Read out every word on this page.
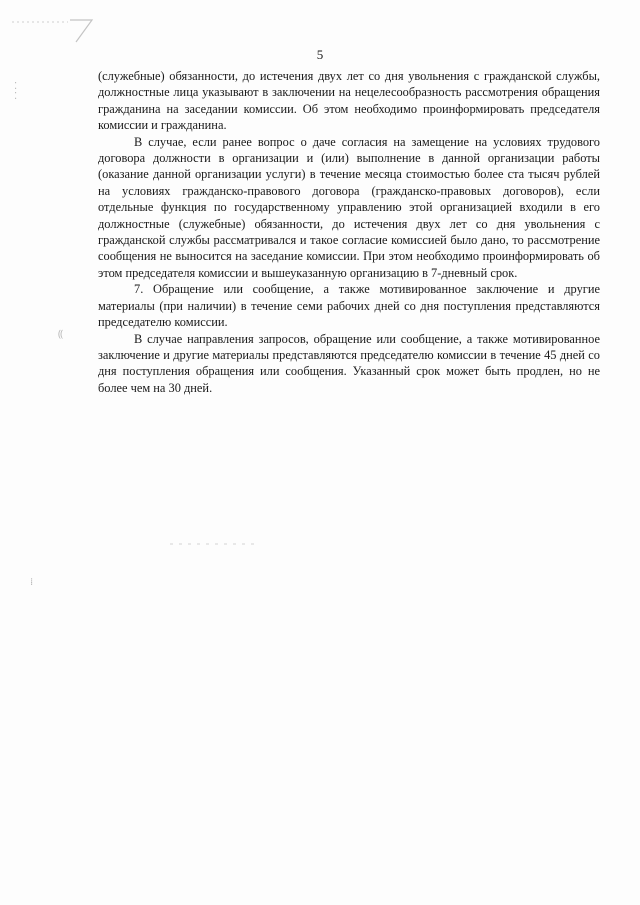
⁚
⁚
⸨
⁞
5

(служебные) обязанности, до истечения двух лет со дня увольнения с гражданской службы, должностные лица указывают в заключении на нецелесообразность рассмотрения обращения гражданина на заседании комиссии. Об этом необходимо проинформировать председателя комиссии и гражданина.

В случае, если ранее вопрос о даче согласия на замещение на условиях трудового договора должности в организации и (или) выполнение в данной организации работы (оказание данной организации услуги) в течение месяца стоимостью более ста тысяч рублей на условиях гражданско-правового договора (гражданско-правовых договоров), если отдельные функция по государственному управлению этой организацией входили в его должностные (служебные) обязанности, до истечения двух лет со дня увольнения с гражданской службы рассматривался и такое согласие комиссией было дано, то рассмотрение сообщения не выносится на заседание комиссии. При этом необходимо проинформировать об этом председателя комиссии и вышеуказанную организацию в 7-дневный срок.

7. Обращение или сообщение, а также мотивированное заключение и другие материалы (при наличии) в течение семи рабочих дней со дня поступления представляются председателю комиссии.

В случае направления запросов, обращение или сообщение, а также мотивированное заключение и другие материалы представляются председателю комиссии в течение 45 дней со дня поступления обращения или сообщения. Указанный срок может быть продлен, но не более чем на 30 дней.
